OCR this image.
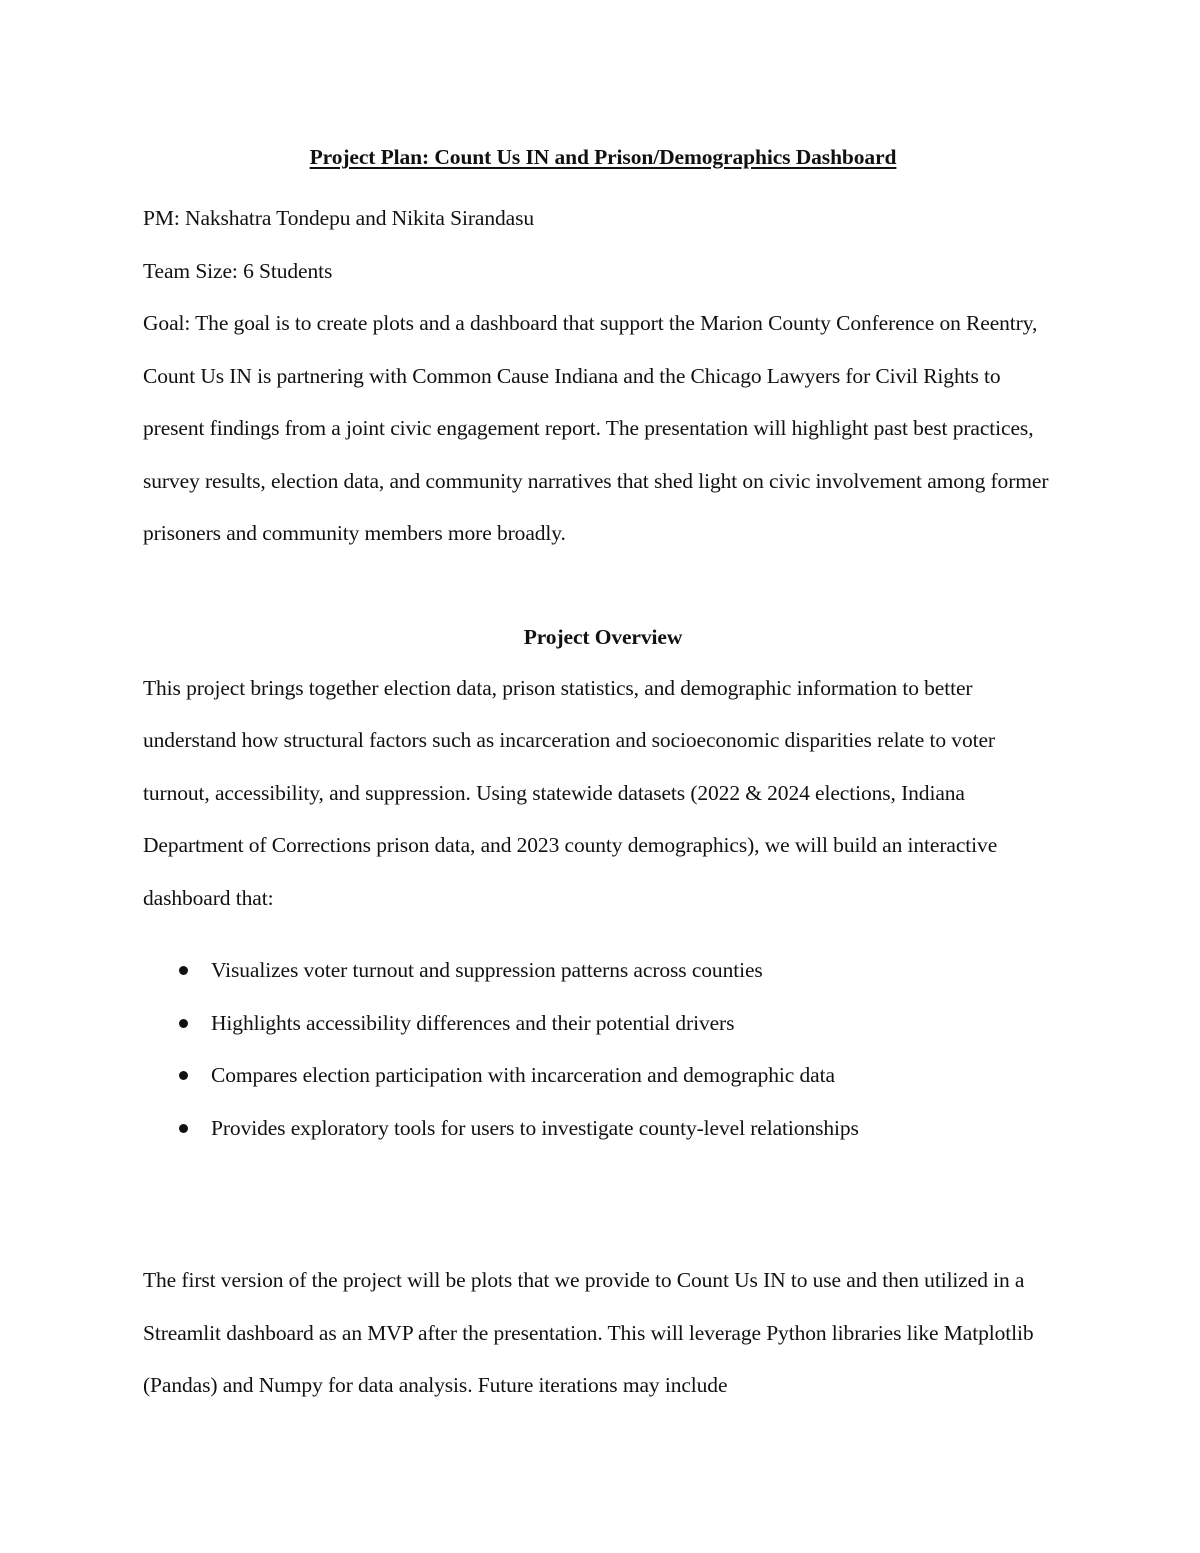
Project Plan: Count Us IN and Prison/Demographics Dashboard

PM: Nakshatra Tondepu and Nikita Sirandasu

Team Size: 6 Students

Goal: The goal is to create plots and a dashboard that support the Marion County Conference on Reentry, Count Us IN is partnering with Common Cause Indiana and the Chicago Lawyers for Civil Rights to present findings from a joint civic engagement report. The presentation will highlight past best practices, survey results, election data, and community narratives that shed light on civic involvement among former prisoners and community members more broadly.

Project Overview

This project brings together election data, prison statistics, and demographic information to better understand how structural factors such as incarceration and socioeconomic disparities relate to voter turnout, accessibility, and suppression. Using statewide datasets (2022 & 2024 elections, Indiana Department of Corrections prison data, and 2023 county demographics), we will build an interactive dashboard that:

Visualizes voter turnout and suppression patterns across counties
Highlights accessibility differences and their potential drivers
Compares election participation with incarceration and demographic data
Provides exploratory tools for users to investigate county-level relationships

The first version of the project will be plots that we provide to Count Us IN to use and then utilized in a Streamlit dashboard as an MVP after the presentation. This will leverage Python libraries like Matplotlib (Pandas) and Numpy for data analysis. Future iterations may include
